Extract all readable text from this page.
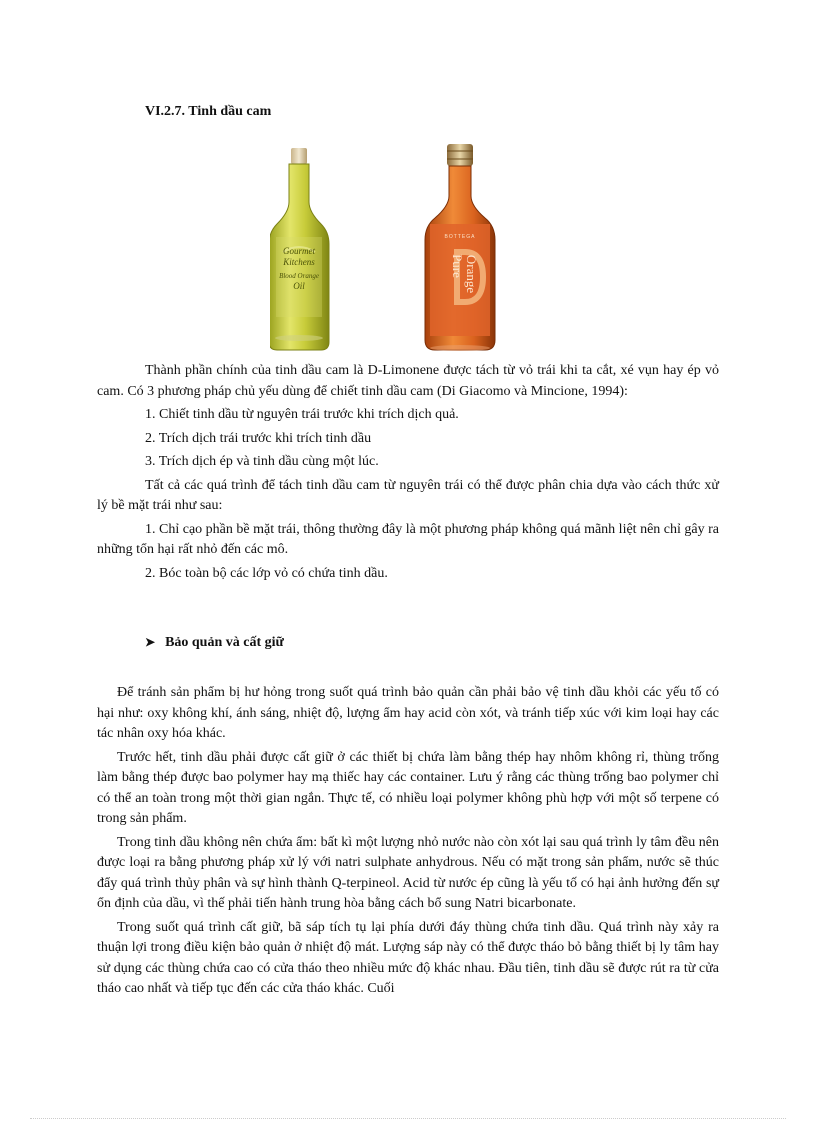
VI.2.7. Tinh dầu cam
Gourmet
Kitchens
Blood Orange
Oil
BOTTEGA
Pure Orange

Thành phần chính của tinh dầu cam là D-Limonene được tách từ vỏ trái khi ta cắt, xé vụn hay ép vỏ cam. Có 3 phương pháp chủ yếu dùng để chiết tinh dầu cam (Di Giacomo và Mincione, 1994):

1. Chiết tinh dầu từ nguyên trái trước khi trích dịch quả.

2. Trích dịch trái trước khi trích tinh dầu

3. Trích dịch ép và tinh dầu cùng một lúc.

Tất cả các quá trình để tách tinh dầu cam từ nguyên trái có thể được phân chia dựa vào cách thức xử lý bề mặt trái như sau:

1. Chỉ cạo phần bề mặt trái, thông thường đây là một phương pháp không quá mãnh liệt nên chỉ gây ra những tổn hại rất nhỏ đến các mô.

2. Bóc toàn bộ các lớp vỏ có chứa tinh dầu.

➤ Bảo quản và cất giữ

Để tránh sản phẩm bị hư hỏng trong suốt quá trình bảo quản cần phải bảo vệ tinh dầu khỏi các yếu tố có hại như: oxy không khí, ánh sáng, nhiệt độ, lượng ẩm hay acid còn xót, và tránh tiếp xúc với kim loại hay các tác nhân oxy hóa khác.

Trước hết, tinh dầu phải được cất giữ ở các thiết bị chứa làm bằng thép hay nhôm không rỉ, thùng trống làm bằng thép được bao polymer hay mạ thiếc hay các container. Lưu ý rằng các thùng trống bao polymer chỉ có thể an toàn trong một thời gian ngắn. Thực tế, có nhiều loại polymer không phù hợp với một số terpene có trong sản phẩm.

Trong tinh dầu không nên chứa ẩm: bất kì một lượng nhỏ nước nào còn xót lại sau quá trình ly tâm đều nên được loại ra bằng phương pháp xử lý với natri sulphate anhydrous. Nếu có mặt trong sản phẩm, nước sẽ thúc đẩy quá trình thủy phân và sự hình thành Q-terpineol. Acid từ nước ép cũng là yếu tố có hại ảnh hưởng đến sự ổn định của dầu, vì thế phải tiến hành trung hòa bằng cách bổ sung Natri bicarbonate.

Trong suốt quá trình cất giữ, bã sáp tích tụ lại phía dưới đáy thùng chứa tinh dầu. Quá trình này xảy ra thuận lợi trong điều kiện bảo quản ở nhiệt độ mát. Lượng sáp này có thể được tháo bỏ bằng thiết bị ly tâm hay sử dụng các thùng chứa cao có cửa tháo theo nhiều mức độ khác nhau. Đầu tiên, tinh dầu sẽ được rút ra từ cửa tháo cao nhất và tiếp tục đến các cửa tháo khác. Cuối
